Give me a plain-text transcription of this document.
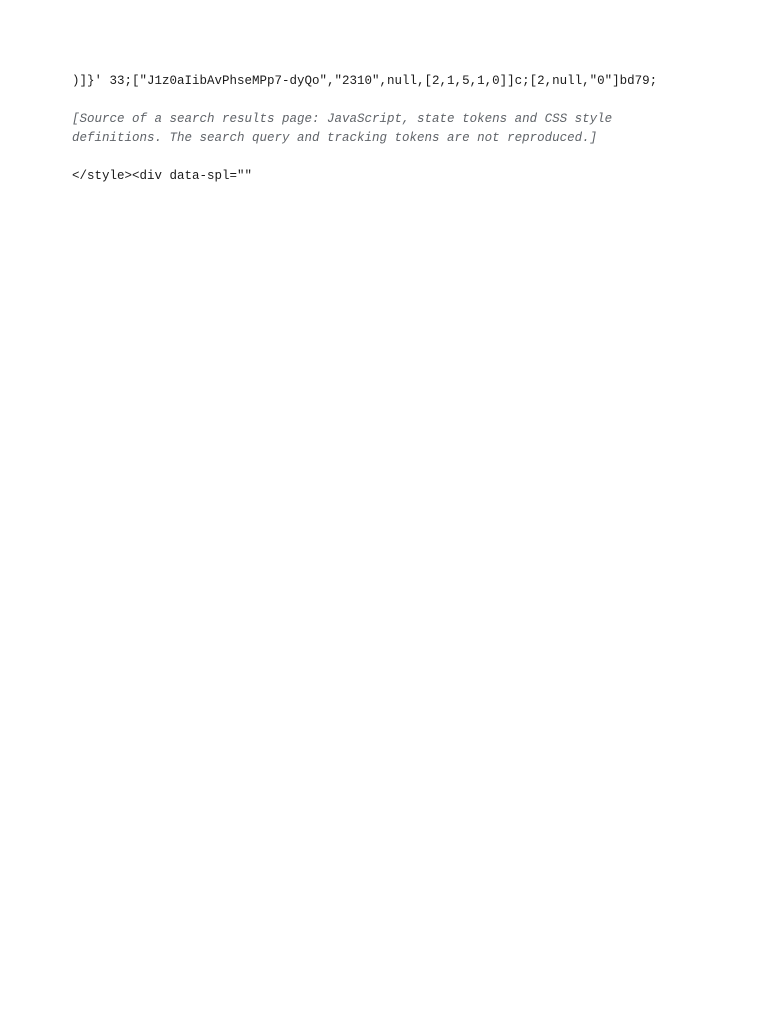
)]}' 33;["J1z0aIibAvPhseMPp7-dyQo","2310",null,[2,1,5,1,0]]c;[2,null,"0"]bd79;

[Source of a search results page: JavaScript, state tokens and CSS style definitions. The search query and tracking tokens are not reproduced.]

</style><div data-spl=""
